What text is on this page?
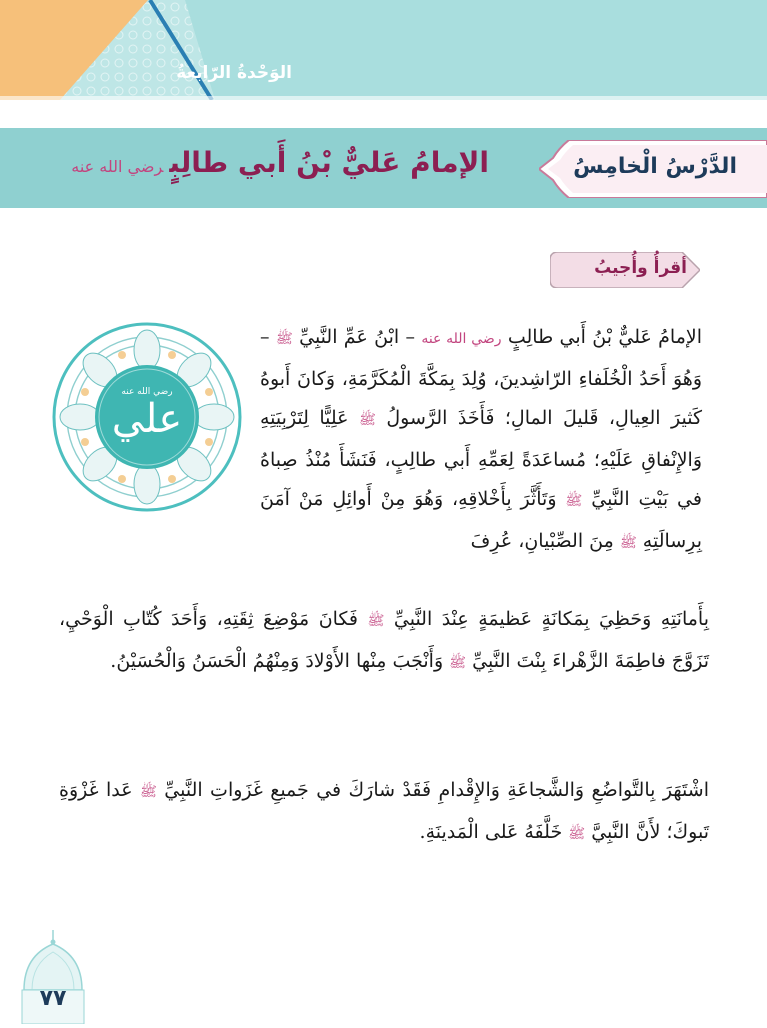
الوَحْدةُ الرّابعةُ
الدَّرْسُ الْخامِسُ
الإمامُ عَليٌّ بْنُ أَبي طالِبٍرضي الله عنه
أقرأُ وأُجيبُ
علي
رضي الله عنه
الإمامُ عَليٌّ بْنُ أَبي طالِبٍ رضي الله عنه – ابْنُ عَمِّ النَّبِيِّ ﷺ – وَهُوَ أَحَدُ الْخُلَفاءِ الرّاشِدينَ، وُلِدَ بِمَكَّةَ الْمُكَرَّمَةِ، وَكانَ أَبوهُ كَثيرَ العِيالِ، قَليلَ المالِ؛ فَأَخَذَ الرَّسولُ ﷺ عَلِيًّا لِتَرْبِيَتِهِ وَالإِنْفاقِ عَلَيْهِ؛ مُساعَدَةً لِعَمِّهِ أَبي طالِبٍ، فَنَشَأَ مُنْذُ صِباهُ في بَيْتِ النَّبِيِّ ﷺ وَتَأَثَّرَ بِأَخْلاقِهِ، وَهُوَ مِنْ أَوائِلِ مَنْ آمَنَ بِرِسالَتِهِ ﷺ مِنَ الصِّبْيانِ، عُرِفَ
بِأَمانَتِهِ وَحَظِيَ بِمَكانَةٍ عَظيمَةٍ عِنْدَ النَّبِيِّ ﷺ فَكانَ مَوْضِعَ ثِقَتِهِ، وَأَحَدَ كُتّابِ الْوَحْيِ، تَزَوَّجَ فاطِمَةَ الزَّهْراءَ بِنْتَ النَّبِيِّ ﷺ وَأَنْجَبَ مِنْها الأَوْلادَ وَمِنْهُمُ الْحَسَنُ وَالْحُسَيْنُ.
اشْتَهَرَ بِالتَّواضُعِ وَالشَّجاعَةِ وَالإِقْدامِ فَقَدْ شارَكَ في جَميعِ غَزَواتِ النَّبِيِّ ﷺ عَدا غَزْوَةِ تَبوكَ؛ لأَنَّ النَّبِيَّ ﷺ خَلَّفَهُ عَلى الْمَدينَةِ.
٧٧
